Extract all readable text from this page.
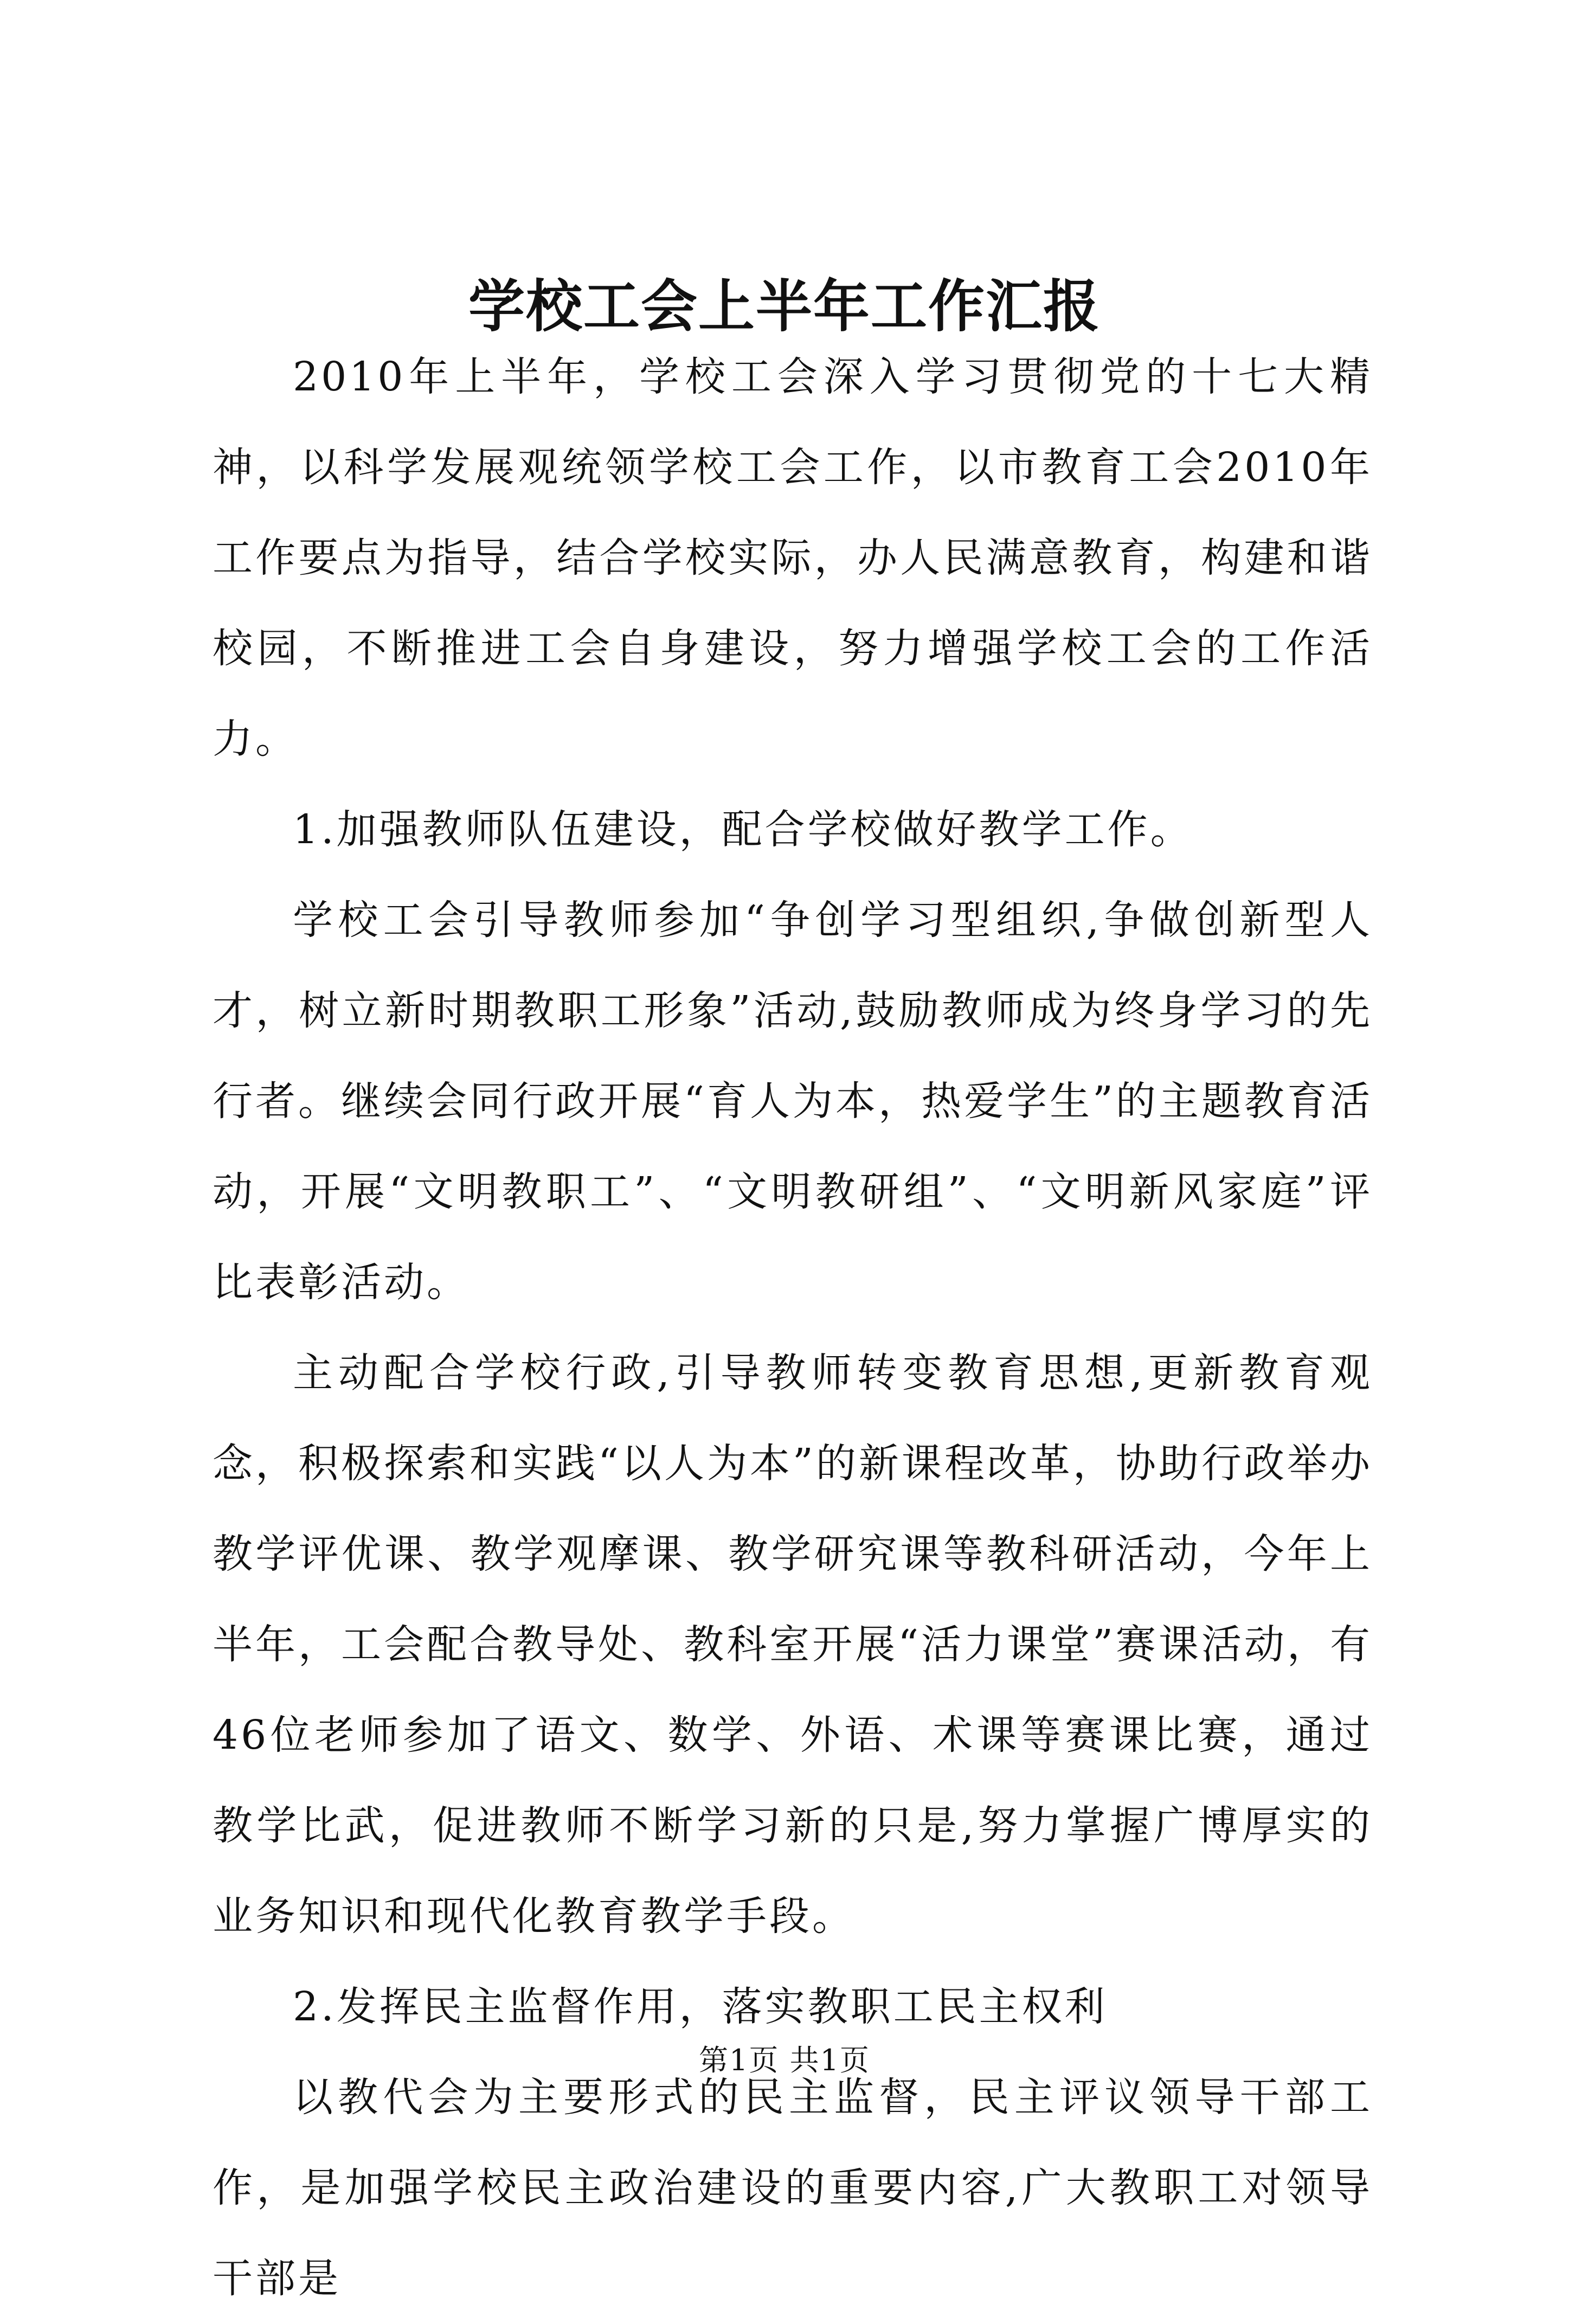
学校工会上半年工作汇报

2010年上半年，学校工会深入学习贯彻党的十七大精神，以科学发展观统领学校工会工作，以市教育工会2010年工作要点为指导，结合学校实际，办人民满意教育，构建和谐校园，不断推进工会自身建设，努力增强学校工会的工作活力。

1.加强教师队伍建设，配合学校做好教学工作。

学校工会引导教师参加“争创学习型组织,争做创新型人才，树立新时期教职工形象”活动,鼓励教师成为终身学习的先行者。继续会同行政开展“育人为本，热爱学生”的主题教育活动，开展“文明教职工”、“文明教研组”、“文明新风家庭”评比表彰活动。

主动配合学校行政,引导教师转变教育思想,更新教育观念，积极探索和实践“以人为本”的新课程改革，协助行政举办教学评优课、教学观摩课、教学研究课等教科研活动，今年上半年，工会配合教导处、教科室开展“活力课堂”赛课活动，有46位老师参加了语文、数学、外语、术课等赛课比赛，通过教学比武，促进教师不断学习新的只是,努力掌握广博厚实的业务知识和现代化教育教学手段。

2.发挥民主监督作用，落实教职工民主权利

以教代会为主要形式的民主监督，民主评议领导干部工作，是加强学校民主政治建设的重要内容,广大教职工对领导干部是

第1页 共1页
